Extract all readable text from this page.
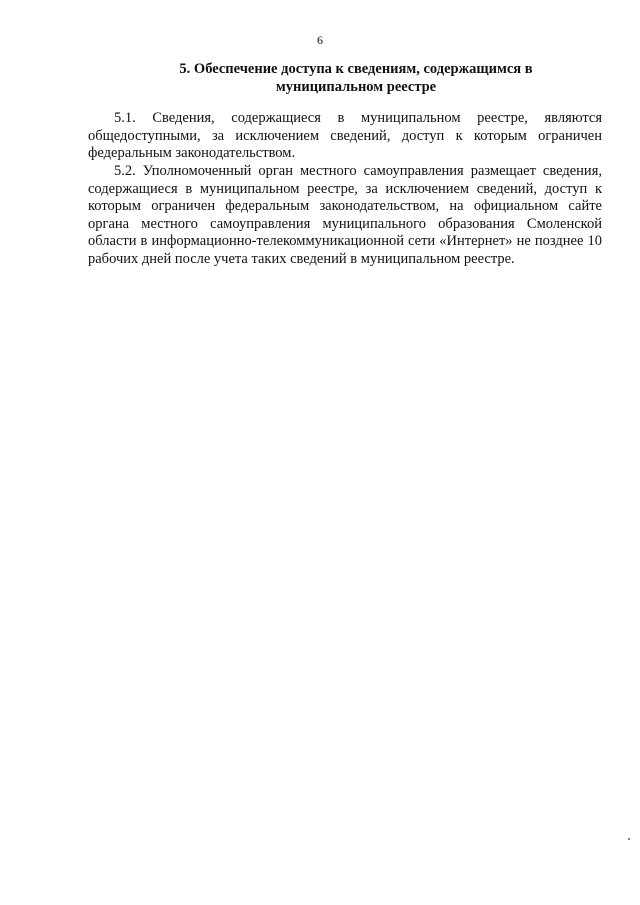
6
5. Обеспечение доступа к сведениям, содержащимся в
муниципальном реестре

5.1. Сведения, содержащиеся в муниципальном реестре, являются общедоступными, за исключением сведений, доступ к которым ограничен федеральным законодательством.

5.2. Уполномоченный орган местного самоуправления размещает сведения, содержащиеся в муниципальном реестре, за исключением сведений, доступ к которым ограничен федеральным законодательством, на официальном сайте органа местного самоуправления муниципального образования Смоленской области в информационно-телекоммуникационной сети «Интернет» не позднее 10 рабочих дней после учета таких сведений в муниципальном реестре.
